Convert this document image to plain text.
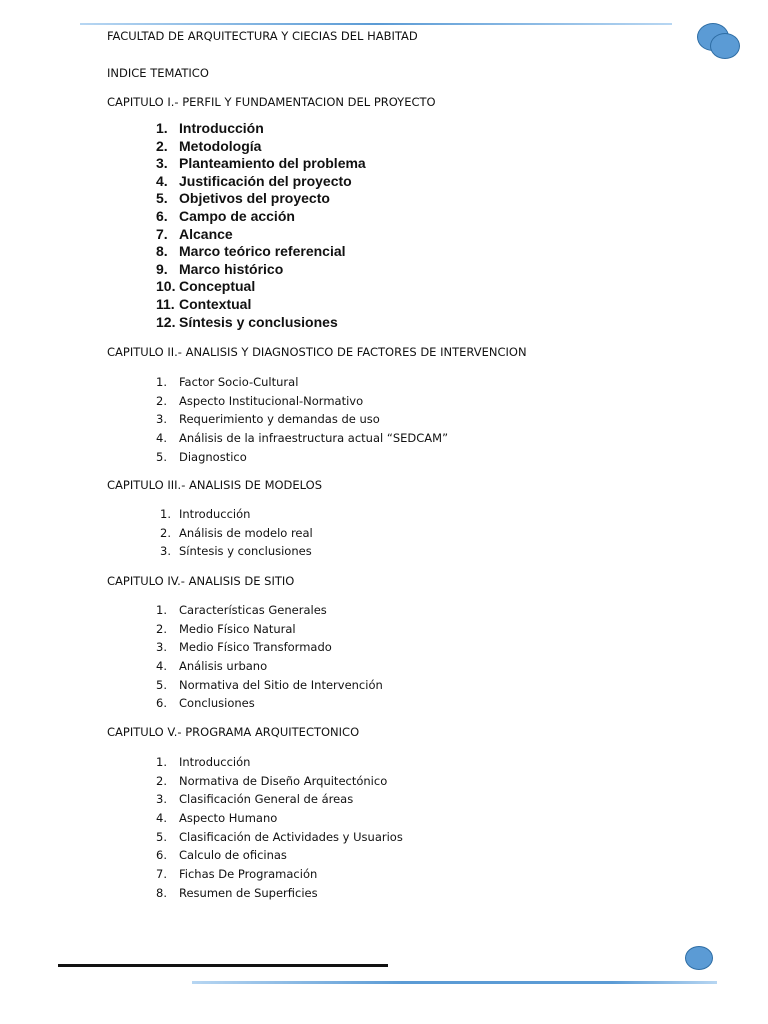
FACULTAD DE ARQUITECTURA Y CIECIAS DEL HABITAD
INDICE TEMATICO
CAPITULO I.- PERFIL Y FUNDAMENTACION DEL PROYECTO
1. Introducción
2. Metodología
3. Planteamiento del problema
4. Justificación del proyecto
5. Objetivos del proyecto
6. Campo de acción
7. Alcance
8. Marco teórico referencial
9. Marco histórico
10. Conceptual
11. Contextual
12. Síntesis y conclusiones
CAPITULO II.- ANALISIS Y DIAGNOSTICO DE FACTORES DE INTERVENCION
1. Factor Socio-Cultural
2. Aspecto Institucional-Normativo
3. Requerimiento y demandas de uso
4. Análisis de la infraestructura actual “SEDCAM”
5. Diagnostico
CAPITULO III.- ANALISIS DE MODELOS
1. Introducción
2. Análisis de modelo real
3. Síntesis y conclusiones
CAPITULO IV.- ANALISIS DE SITIO
1. Características Generales
2. Medio Físico Natural
3. Medio Físico Transformado
4. Análisis urbano
5. Normativa del Sitio de Intervención
6. Conclusiones
CAPITULO V.- PROGRAMA ARQUITECTONICO
1. Introducción
2. Normativa de Diseño Arquitectónico
3. Clasificación General de áreas
4. Aspecto Humano
5. Clasificación de Actividades y Usuarios
6. Calculo de oficinas
7. Fichas De Programación
8. Resumen de Superficies
